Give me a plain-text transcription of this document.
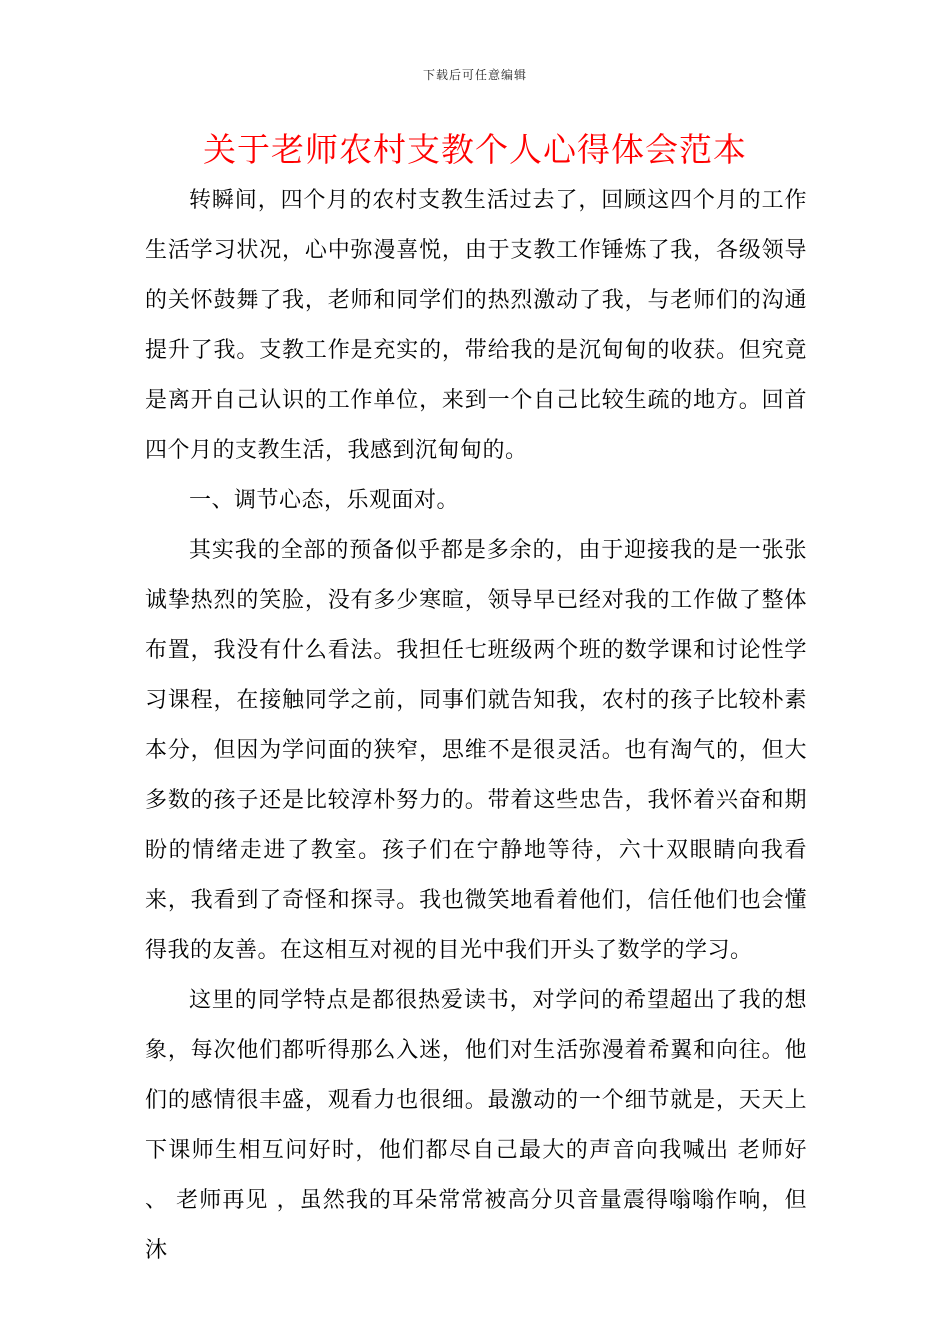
下载后可任意编辑
关于老师农村支教个人心得体会范本

转瞬间，四个月的农村支教生活过去了，回顾这四个月的工作生活学习状况，心中弥漫喜悦，由于支教工作锤炼了我，各级领导的关怀鼓舞了我，老师和同学们的热烈激动了我，与老师们的沟通提升了我。支教工作是充实的，带给我的是沉甸甸的收获。但究竟是离开自己认识的工作单位，来到一个自己比较生疏的地方。回首四个月的支教生活，我感到沉甸甸的。

一、调节心态，乐观面对。

其实我的全部的预备似乎都是多余的，由于迎接我的是一张张诚挚热烈的笑脸，没有多少寒暄，领导早已经对我的工作做了整体布置，我没有什么看法。我担任七班级两个班的数学课和讨论性学习课程，在接触同学之前，同事们就告知我，农村的孩子比较朴素本分，但因为学问面的狭窄，思维不是很灵活。也有淘气的，但大多数的孩子还是比较淳朴努力的。带着这些忠告，我怀着兴奋和期盼的情绪走进了教室。孩子们在宁静地等待，六十双眼睛向我看来，我看到了奇怪和探寻。我也微笑地看着他们，信任他们也会懂得我的友善。在这相互对视的目光中我们开头了数学的学习。

这里的同学特点是都很热爱读书，对学问的希望超出了我的想象，每次他们都听得那么入迷，他们对生活弥漫着希翼和向往。他们的感情很丰盛，观看力也很细。最激动的一个细节就是，天天上下课师生相互问好时，他们都尽自己最大的声音向我喊出 老师好 、 老师再见 ，虽然我的耳朵常常被高分贝音量震得嗡嗡作响，但沐
